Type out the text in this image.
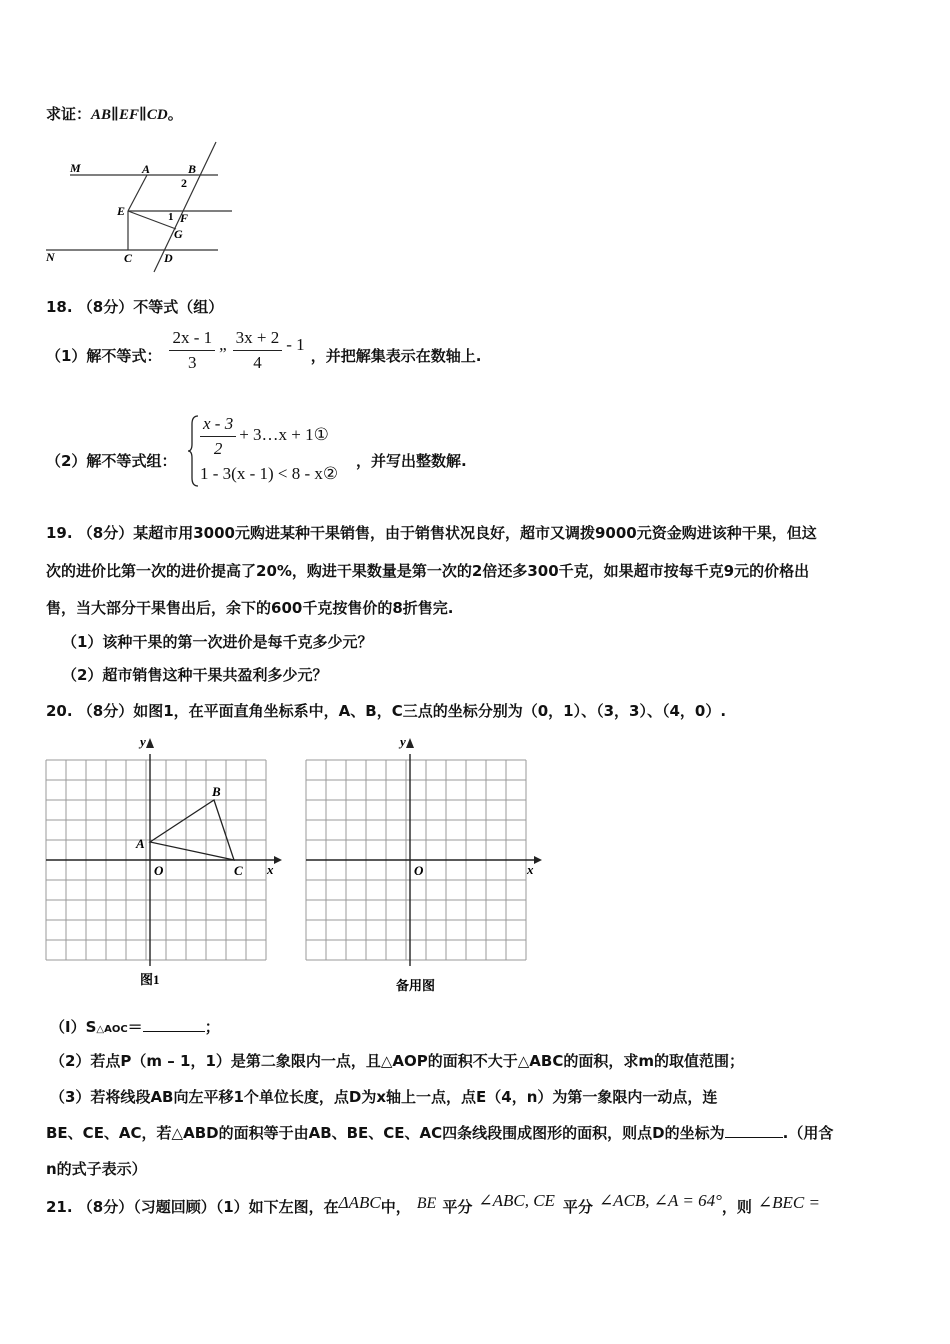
求证：AB∥EF∥CD。
M	A	B
2
E	1 F
G
N	C	D
18. （8分）不等式（组）
（1）解不等式： $\frac{2x - 1}{3}$ „ $\frac{3x + 2}{4} - 1$
，并把解集表示在数轴上.
（2）解不等式组：
$\frac{x - 3}{2}$ + 3…x + 1①
1 - 3(x - 1) < 8 - x②
，并写出整数解.
19. （8分）某超市用3000元购进某种干果销售，由于销售状况良好，超市又调拨9000元资金购进该种干果，但这
次的进价比第一次的进价提高了20%，购进干果数量是第一次的2倍还多300千克，如果超市按每千克9元的价格出
售，当大部分干果售出后，余下的600千克按售价的8折售完.
（1）该种干果的第一次进价是每千克多少元？
（2）超市销售这种干果共盈利多少元？
20. （8分）如图1，在平面直角坐标系中，A、B，C三点的坐标分别为（0，1）、（3，3）、（4，0）.
y
x
O
A
B
C
图1
y
x
O
备用图
（I）S△AOC＝	；
（2）若点P（m – 1，1）是第二象限内一点，且△AOP的面积不大于△ABC的面积，求m的取值范围；
（3）若将线段AB向左平移1个单位长度，点D为x轴上一点，点E（4，n）为第一象限内一动点，连
BE、CE、AC，若△ABD的面积等于由AB、BE、CE、AC四条线段围成图形的面积，则点D的坐标为	.（用含
n的式子表示）
21. （8分）（习题回顾）（1）如下左图，在 ΔABC 中， BE 平分 ∠ABC, CE 平分 ∠ACB, ∠A = 64° ，则 ∠BEC =
